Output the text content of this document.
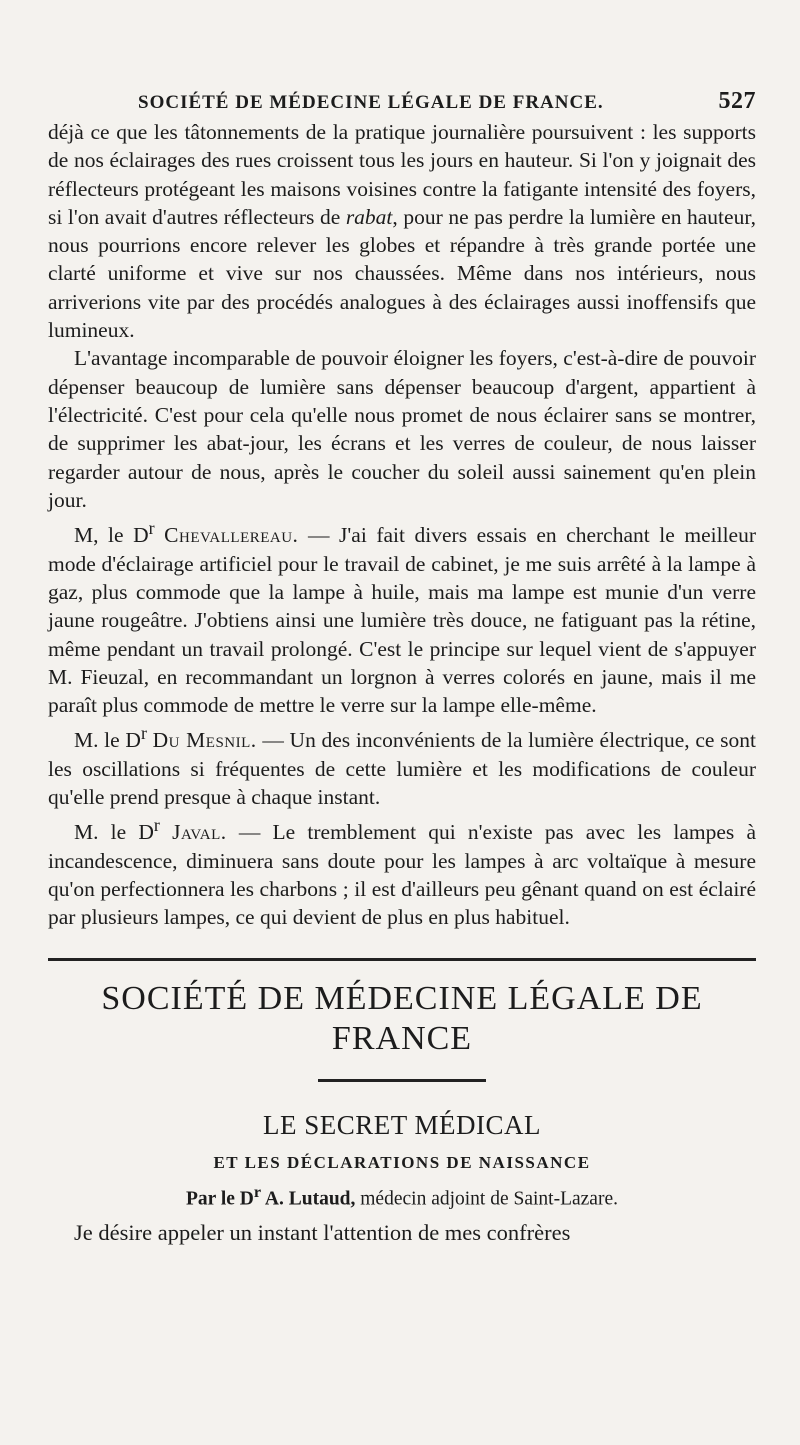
SOCIÉTÉ DE MÉDECINE LÉGALE DE FRANCE.	527

déjà ce que les tâtonnements de la pratique journalière poursuivent : les supports de nos éclairages des rues croissent tous les jours en hauteur. Si l'on y joignait des réflecteurs protégeant les maisons voisines contre la fatigante intensité des foyers, si l'on avait d'autres réflecteurs de rabat, pour ne pas perdre la lumière en hauteur, nous pourrions encore relever les globes et répandre à très grande portée une clarté uniforme et vive sur nos chaussées. Même dans nos intérieurs, nous arriverions vite par des procédés analogues à des éclairages aussi inoffensifs que lumineux.

L'avantage incomparable de pouvoir éloigner les foyers, c'est-à-dire de pouvoir dépenser beaucoup de lumière sans dépenser beaucoup d'argent, appartient à l'électricité. C'est pour cela qu'elle nous promet de nous éclairer sans se montrer, de supprimer les abat-jour, les écrans et les verres de couleur, de nous laisser regarder autour de nous, après le coucher du soleil aussi sainement qu'en plein jour.

M, le $D^r$ Chevallereau. — J'ai fait divers essais en cherchant le meilleur mode d'éclairage artificiel pour le travail de cabinet, je me suis arrêté à la lampe à gaz, plus commode que la lampe à huile, mais ma lampe est munie d'un verre jaune rougeâtre. J'obtiens ainsi une lumière très douce, ne fatiguant pas la rétine, même pendant un travail prolongé. C'est le principe sur lequel vient de s'appuyer M. Fieuzal, en recommandant un lorgnon à verres colorés en jaune, mais il me paraît plus commode de mettre le verre sur la lampe elle-même.

M. le $D^r$ Du Mesnil. — Un des inconvénients de la lumière électrique, ce sont les oscillations si fréquentes de cette lumière et les modifications de couleur qu'elle prend presque à chaque instant.

M. le $D^r$ Javal. — Le tremblement qui n'existe pas avec les lampes à incandescence, diminuera sans doute pour les lampes à arc voltaïque à mesure qu'on perfectionnera les charbons ; il est d'ailleurs peu gênant quand on est éclairé par plusieurs lampes, ce qui devient de plus en plus habituel.

SOCIÉTÉ DE MÉDECINE LÉGALE DE FRANCE
LE SECRET MÉDICAL
ET LES DÉCLARATIONS DE NAISSANCE
Par le $D^r$ A. Lutaud, médecin adjoint de Saint-Lazare.
Je désire appeler un instant l'attention de mes confrères
